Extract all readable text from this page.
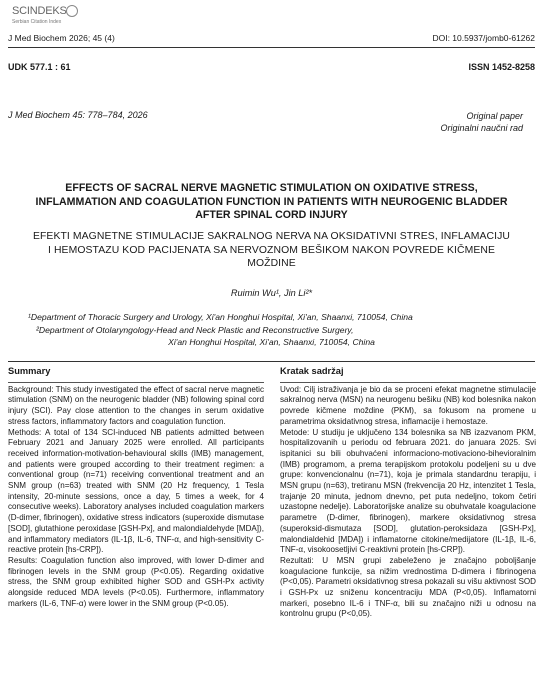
SCINDEKS
Serbian Citation Index
J Med Biochem 2026; 45 (4)	DOI: 10.5937/jomb0-61262
UDK 577.1 : 61	ISSN 1452-8258
J Med Biochem 45: 778–784, 2026	Original paper
Originalni naučni rad
EFFECTS OF SACRAL NERVE MAGNETIC STIMULATION ON OXIDATIVE STRESS, INFLAMMATION AND COAGULATION FUNCTION IN PATIENTS WITH NEUROGENIC BLADDER AFTER SPINAL CORD INJURY
EFEKTI MAGNETNE STIMULACIJE SAKRALNOG NERVA NA OKSIDATIVNI STRES, INFLAMACIJU I HEMOSTAZU KOD PACIJENATA SA NERVOZNOM BEŠIKOM NAKON POVREDE KIČMENE MOŽDINE
Ruimin Wu¹, Jin Li²*
¹Department of Thoracic Surgery and Urology, Xi'an Honghui Hospital, Xi'an, Shaanxi, 710054, China
²Department of Otolaryngology-Head and Neck Plastic and Reconstructive Surgery,
Xi'an Honghui Hospital, Xi'an, Shaanxi, 710054, China
Summary

Background: This study investigated the effect of sacral nerve magnetic stimulation (SNM) on the neurogenic bladder (NB) following spinal cord injury (SCI). Pay close attention to the changes in serum oxidative stress factors, inflammatory factors and coagulation function.

Methods: A total of 134 SCI-induced NB patients admitted between February 2021 and January 2025 were enrolled. All participants received information-motivation-behavioural skills (IMB) management, and patients were grouped according to their treatment regimen: a conventional group (n=71) receiving conventional treatment and an SNM group (n=63) treated with SNM (20 Hz frequency, 1 Tesla intensity, 20-minute sessions, once a day, 5 times a week, for 4 consecutive weeks). Laboratory analyses included coagulation markers (D-dimer, fibrinogen), oxidative stress indicators (superoxide dismutase [SOD], glutathione peroxidase [GSH-Px], and malondialdehyde [MDA]), and inflammatory mediators (IL-1β, IL-6, TNF-α, and high-sensitivity C-reactive protein [hs-CRP]).

Results: Coagulation function also improved, with lower D-dimer and fibrinogen levels in the SNM group (P<0.05). Regarding oxidative stress, the SNM group exhibited higher SOD and GSH-Px activity alongside reduced MDA levels (P<0.05). Furthermore, inflammatory markers (IL-6, TNF-α) were lower in the SNM group (P<0.05).

Kratak sadržaj

Uvod: Cilj istraživanja je bio da se proceni efekat magnetne stimulacije sakralnog nerva (MSN) na neurogenu bešiku (NB) kod bolesnika nakon povrede kičmene moždine (PKM), sa fokusom na promene u parametrima oksidativnog stresa, inflamacije i hemostaze.

Metode: U studiju je uključeno 134 bolesnika sa NB izazvanom PKM, hospitalizovanih u periodu od februara 2021. do januara 2025. Svi ispitanici su bili obuhvaćeni informaciono-motivaciono-bihevioralnim (IMB) programom, a prema terapijskom protokolu podeljeni su u dve grupe: konvencionalnu (n=71), koja je primala standardnu terapiju, i MSN grupu (n=63), tretiranu MSN (frekvencija 20 Hz, intenzitet 1 Tesla, trajanje 20 minuta, jednom dnevno, pet puta nedeljno, tokom četiri uzastopne nedelje). Laboratorijske analize su obuhvatale koagulacione parametre (D-dimer, fibrinogen), markere oksidativnog stresa (superoksid-dismutaza [SOD], glutation-peroksidaza [GSH-Px], malondialdehid [MDA]) i inflamatorne citokine/medijatore (IL-1β, IL-6, TNF-α, visokoosetljivi C-reaktivni protein [hs-CRP]).

Rezultati: U MSN grupi zabeleženo je značajno poboljšanje koagulacione funkcije, sa nižim vrednostima D-dimera i fibrinogena (P<0,05). Parametri oksidativnog stresa pokazali su višu aktivnost SOD i GSH-Px uz sniženu koncentraciju MDA (P<0,05). Inflamatorni markeri, posebno IL-6 i TNF-α, bili su značajno niži u odnosu na kontrolnu grupu (P<0,05).
